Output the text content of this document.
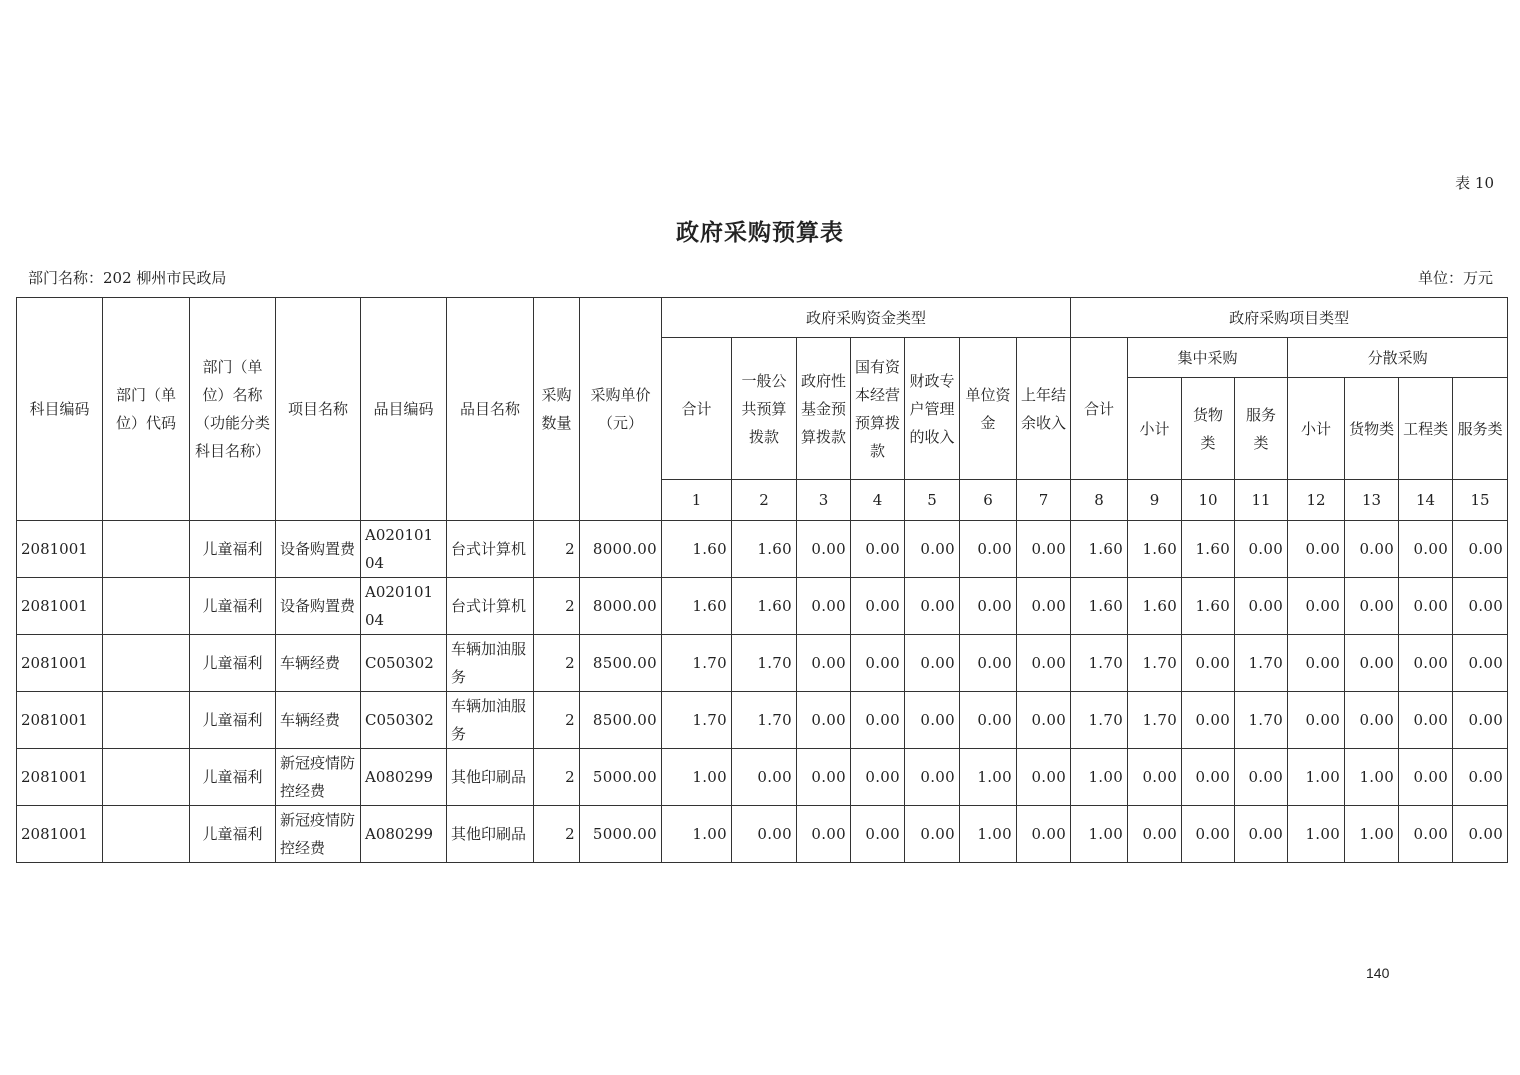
表 10
政府采购预算表
部门名称：202 柳州市民政局	单位：万元
科目编码	部门（单位）代码	部门（单位）名称（功能分类科目名称）	项目名称	品目编码	品目名称	采购数量	采购单价（元）	政府采购资金类型							政府采购项目类型							
								合计	一般公共预算拨款	政府性基金预算拨款	国有资本经营预算拨款	财政专户管理的收入	单位资金	上年结余收入	合计	集中采购			分散采购			
																小计	货物类	服务类	小计	货物类	工程类	服务类
								1	2	3	4	5	6	7	8	9	10	11	12	13	14	15
2081001		儿童福利	设备购置费	A02010104	台式计算机	2	8000.00	1.60	1.60	0.00	0.00	0.00	0.00	0.00	1.60	1.60	1.60	0.00	0.00	0.00	0.00	0.00
2081001		儿童福利	设备购置费	A02010104	台式计算机	2	8000.00	1.60	1.60	0.00	0.00	0.00	0.00	0.00	1.60	1.60	1.60	0.00	0.00	0.00	0.00	0.00
2081001		儿童福利	车辆经费	C050302	车辆加油服务	2	8500.00	1.70	1.70	0.00	0.00	0.00	0.00	0.00	1.70	1.70	0.00	1.70	0.00	0.00	0.00	0.00
2081001		儿童福利	车辆经费	C050302	车辆加油服务	2	8500.00	1.70	1.70	0.00	0.00	0.00	0.00	0.00	1.70	1.70	0.00	1.70	0.00	0.00	0.00	0.00
2081001		儿童福利	新冠疫情防控经费	A080299	其他印刷品	2	5000.00	1.00	0.00	0.00	0.00	0.00	1.00	0.00	1.00	0.00	0.00	0.00	1.00	1.00	0.00	0.00
2081001		儿童福利	新冠疫情防控经费	A080299	其他印刷品	2	5000.00	1.00	0.00	0.00	0.00	0.00	1.00	0.00	1.00	0.00	0.00	0.00	1.00	1.00	0.00	0.00
140
